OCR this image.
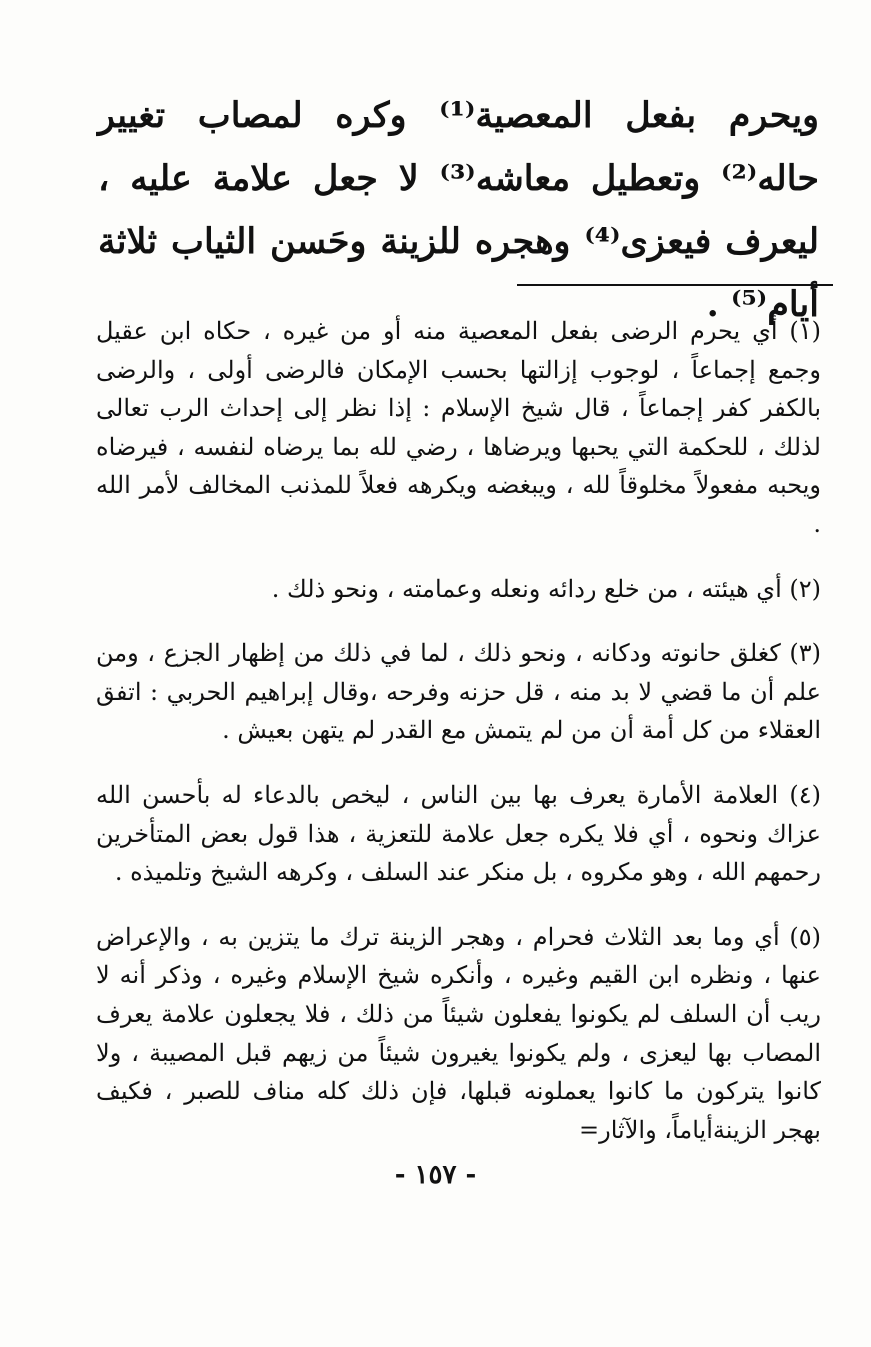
ويحرم بفعل المعصية⁽¹⁾ وكره لمصاب تغيير حاله⁽²⁾ وتعطيل معاشه⁽³⁾ لا جعل علامة عليه ، ليعرف فيعزى⁽⁴⁾ وهجره للزينة وحَسن الثياب ثلاثة أيام⁽⁵⁾ .

(١) أي يحرم الرضى بفعل المعصية منه أو من غيره ، حكاه ابن عقيل وجمع إجماعاً ، لوجوب إزالتها بحسب الإمكان فالرضى أولى ، والرضى بالكفر كفر إجماعاً ، قال شيخ الإسلام : إذا نظر إلى إحداث الرب تعالى لذلك ، للحكمة التي يحبها ويرضاها ، رضي لله بما يرضاه لنفسه ، فيرضاه ويحبه مفعولاً مخلوقاً لله ، ويبغضه ويكرهه فعلاً للمذنب المخالف لأمر الله .

(٢) أي هيئته ، من خلع ردائه ونعله وعمامته ، ونحو ذلك .

(٣) كغلق حانوته ودكانه ، ونحو ذلك ، لما في ذلك من إظهار الجزع ، ومن علم أن ما قضي لا بد منه ، قل حزنه وفرحه ،وقال إبراهيم الحربي : اتفق العقلاء من كل أمة أن من لم يتمش مع القدر لم يتهن بعيش .

(٤) العلامة الأمارة يعرف بها بين الناس ، ليخص بالدعاء له بأحسن الله عزاك ونحوه ، أي فلا يكره جعل علامة للتعزية ، هذا قول بعض المتأخرين رحمهم الله ، وهو مكروه ، بل منكر عند السلف ، وكرهه الشيخ وتلميذه .

(٥) أي وما بعد الثلاث فحرام ، وهجر الزينة ترك ما يتزين به ، والإعراض عنها ، ونظره ابن القيم وغيره ، وأنكره شيخ الإسلام وغيره ، وذكر أنه لا ريب أن السلف لم يكونوا يفعلون شيئاً من ذلك ، فلا يجعلون علامة يعرف المصاب بها ليعزى ، ولم يكونوا يغيرون شيئاً من زيهم قبل المصيبة ، ولا كانوا يتركون ما كانوا يعملونه قبلها، فإن ذلك كله مناف للصبر ، فكيف بهجر الزينةأياماً، والآثار=

- ١٥٧ -
